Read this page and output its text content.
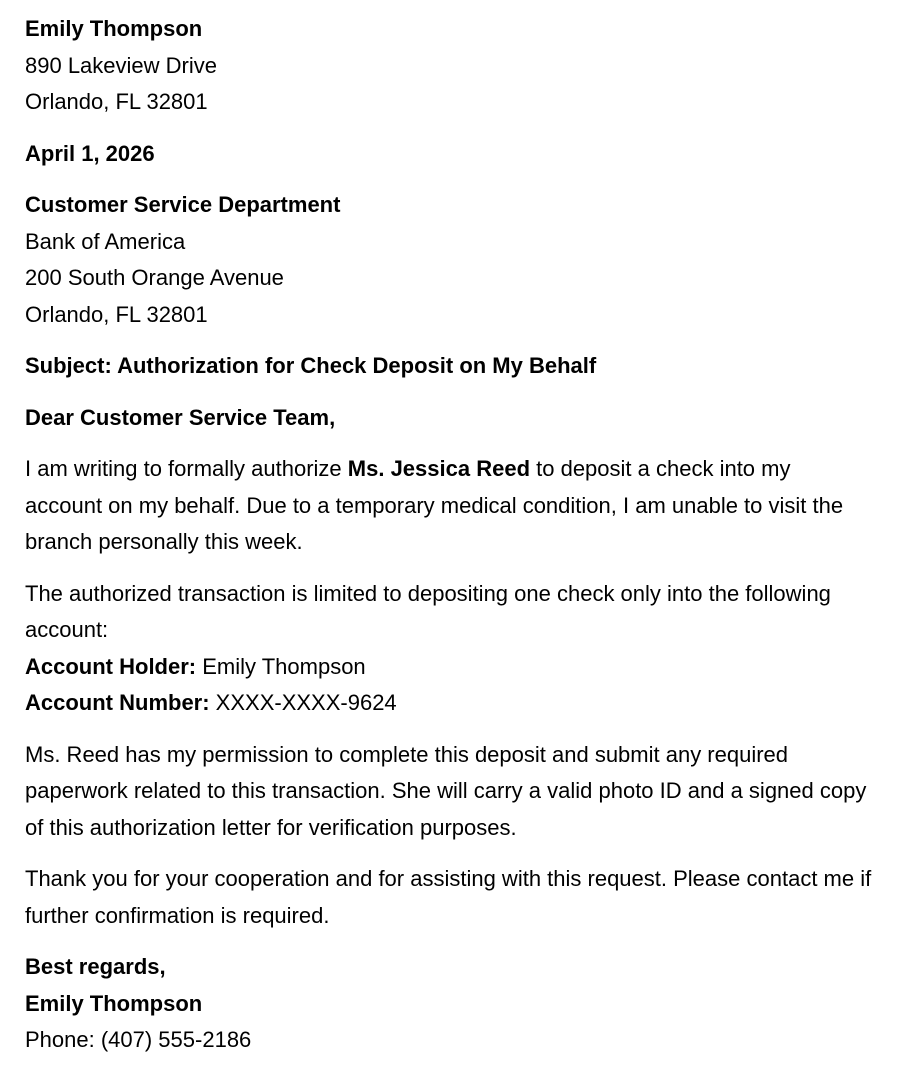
Emily Thompson
890 Lakeview Drive
Orlando, FL 32801
April 1, 2026
Customer Service Department
Bank of America
200 South Orange Avenue
Orlando, FL 32801
Subject: Authorization for Check Deposit on My Behalf
Dear Customer Service Team,

I am writing to formally authorize Ms. Jessica Reed to deposit a check into my account on my behalf. Due to a temporary medical condition, I am unable to visit the branch personally this week.

The authorized transaction is limited to depositing one check only into the following account:
Account Holder: Emily Thompson
Account Number: XXXX-XXXX-9624

Ms. Reed has my permission to complete this deposit and submit any required paperwork related to this transaction. She will carry a valid photo ID and a signed copy of this authorization letter for verification purposes.

Thank you for your cooperation and for assisting with this request. Please contact me if further confirmation is required.

Best regards,
Emily Thompson
Phone: (407) 555-2186
